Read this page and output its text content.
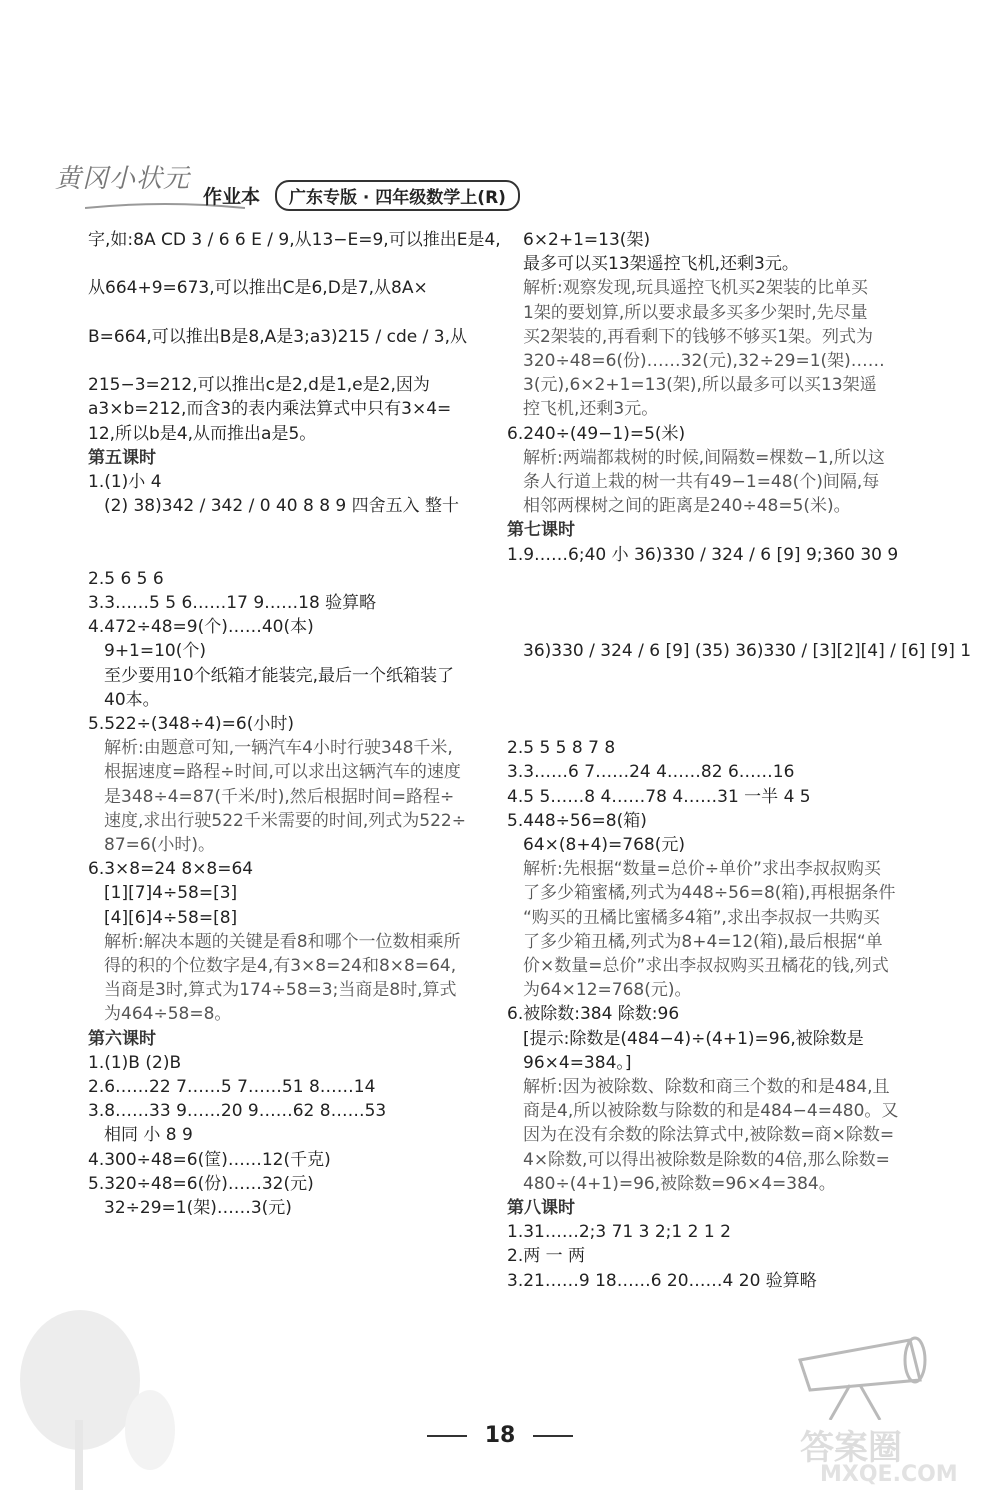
黄冈小状元
作业本	广东专版 · 四年级数学上(R)
字,如:8A CD 3 / 6 6 E / 9,从13−E=9,可以推出E是4,
从664+9=673,可以推出C是6,D是7,从8A×
B=664,可以推出B是8,A是3;a3)215 / cde / 3,从
215−3=212,可以推出c是2,d是1,e是2,因为
a3×b=212,而含3的表内乘法算式中只有3×4=
12,所以b是4,从而推出a是5。
第五课时
1.(1)小 4
(2) 38)342 / 342 / 0 40 8 8 9 四舍五入 整十
2.5 6 5 6
3.3……5 5 6……17 9……18 验算略
4.472÷48=9(个)……40(本)
9+1=10(个)
至少要用10个纸箱才能装完,最后一个纸箱装了
40本。
5.522÷(348÷4)=6(小时)
解析:由题意可知,一辆汽车4小时行驶348千米,
根据速度=路程÷时间,可以求出这辆汽车的速度
是348÷4=87(千米/时),然后根据时间=路程÷
速度,求出行驶522千米需要的时间,列式为522÷
87=6(小时)。
6.3×8=24 8×8=64
[1][7]4÷58=[3]
[4][6]4÷58=[8]
解析:解决本题的关键是看8和哪个一位数相乘所
得的积的个位数字是4,有3×8=24和8×8=64,
当商是3时,算式为174÷58=3;当商是8时,算式
为464÷58=8。
第六课时
1.(1)B (2)B
2.6……22 7……5 7……51 8……14
3.8……33 9……20 9……62 8……53
相同 小 8 9
4.300÷48=6(筐)……12(千克)
5.320÷48=6(份)……32(元)
32÷29=1(架)……3(元)
6×2+1=13(架)
最多可以买13架遥控飞机,还剩3元。
解析:观察发现,玩具遥控飞机买2架装的比单买
1架的要划算,所以要求最多买多少架时,先尽量
买2架装的,再看剩下的钱够不够买1架。列式为
320÷48=6(份)……32(元),32÷29=1(架)……
3(元),6×2+1=13(架),所以最多可以买13架遥
控飞机,还剩3元。
6.240÷(49−1)=5(米)
解析:两端都栽树的时候,间隔数=棵数−1,所以这
条人行道上栽的树一共有49−1=48(个)间隔,每
相邻两棵树之间的距离是240÷48=5(米)。
第七课时
1.9……6;40 小 36)330 / 324 / 6 [9] 9;360 30 9
36)330 / 324 / 6 [9] (35) 36)330 / [3][2][4] / [6] [9] 1
2.5 5 5 8 7 8
3.3……6 7……24 4……82 6……16
4.5 5……8 4……78 4……31 一半 4 5
5.448÷56=8(箱)
64×(8+4)=768(元)
解析:先根据“数量=总价÷单价”求出李叔叔购买
了多少箱蜜橘,列式为448÷56=8(箱),再根据条件
“购买的丑橘比蜜橘多4箱”,求出李叔叔一共购买
了多少箱丑橘,列式为8+4=12(箱),最后根据“单
价×数量=总价”求出李叔叔购买丑橘花的钱,列式
为64×12=768(元)。
6.被除数:384 除数:96
[提示:除数是(484−4)÷(4+1)=96,被除数是
96×4=384。]
解析:因为被除数、除数和商三个数的和是484,且
商是4,所以被除数与除数的和是484−4=480。又
因为在没有余数的除法算式中,被除数=商×除数=
4×除数,可以得出被除数是除数的4倍,那么除数=
480÷(4+1)=96,被除数=96×4=384。
第八课时
1.31……2;3 71 3 2;1 2 1 2
2.两 一 两
3.21……9 18……6 20……4 20 验算略
18	答案圈
MXQE.COM
